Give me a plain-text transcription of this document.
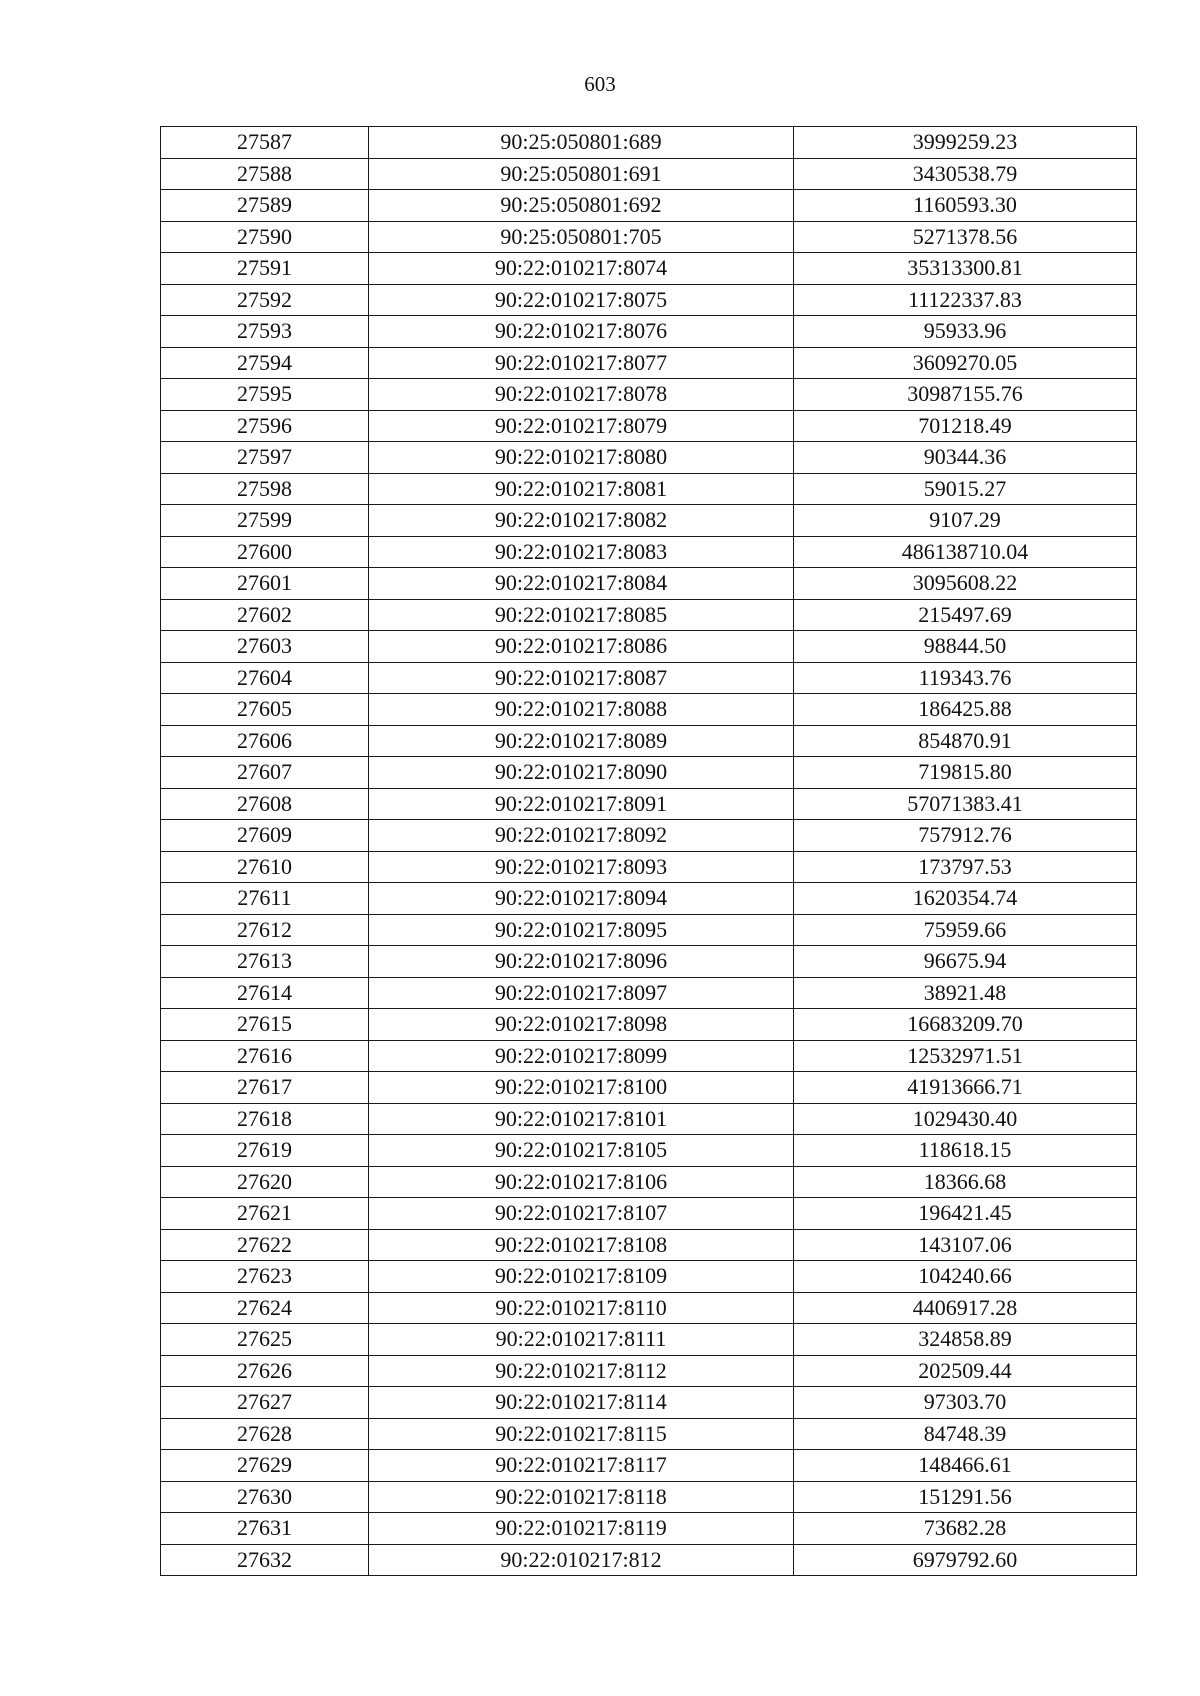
603
27587	90:25:050801:689	3999259.23
27588	90:25:050801:691	3430538.79
27589	90:25:050801:692	1160593.30
27590	90:25:050801:705	5271378.56
27591	90:22:010217:8074	35313300.81
27592	90:22:010217:8075	11122337.83
27593	90:22:010217:8076	95933.96
27594	90:22:010217:8077	3609270.05
27595	90:22:010217:8078	30987155.76
27596	90:22:010217:8079	701218.49
27597	90:22:010217:8080	90344.36
27598	90:22:010217:8081	59015.27
27599	90:22:010217:8082	9107.29
27600	90:22:010217:8083	486138710.04
27601	90:22:010217:8084	3095608.22
27602	90:22:010217:8085	215497.69
27603	90:22:010217:8086	98844.50
27604	90:22:010217:8087	119343.76
27605	90:22:010217:8088	186425.88
27606	90:22:010217:8089	854870.91
27607	90:22:010217:8090	719815.80
27608	90:22:010217:8091	57071383.41
27609	90:22:010217:8092	757912.76
27610	90:22:010217:8093	173797.53
27611	90:22:010217:8094	1620354.74
27612	90:22:010217:8095	75959.66
27613	90:22:010217:8096	96675.94
27614	90:22:010217:8097	38921.48
27615	90:22:010217:8098	16683209.70
27616	90:22:010217:8099	12532971.51
27617	90:22:010217:8100	41913666.71
27618	90:22:010217:8101	1029430.40
27619	90:22:010217:8105	118618.15
27620	90:22:010217:8106	18366.68
27621	90:22:010217:8107	196421.45
27622	90:22:010217:8108	143107.06
27623	90:22:010217:8109	104240.66
27624	90:22:010217:8110	4406917.28
27625	90:22:010217:8111	324858.89
27626	90:22:010217:8112	202509.44
27627	90:22:010217:8114	97303.70
27628	90:22:010217:8115	84748.39
27629	90:22:010217:8117	148466.61
27630	90:22:010217:8118	151291.56
27631	90:22:010217:8119	73682.28
27632	90:22:010217:812	6979792.60
